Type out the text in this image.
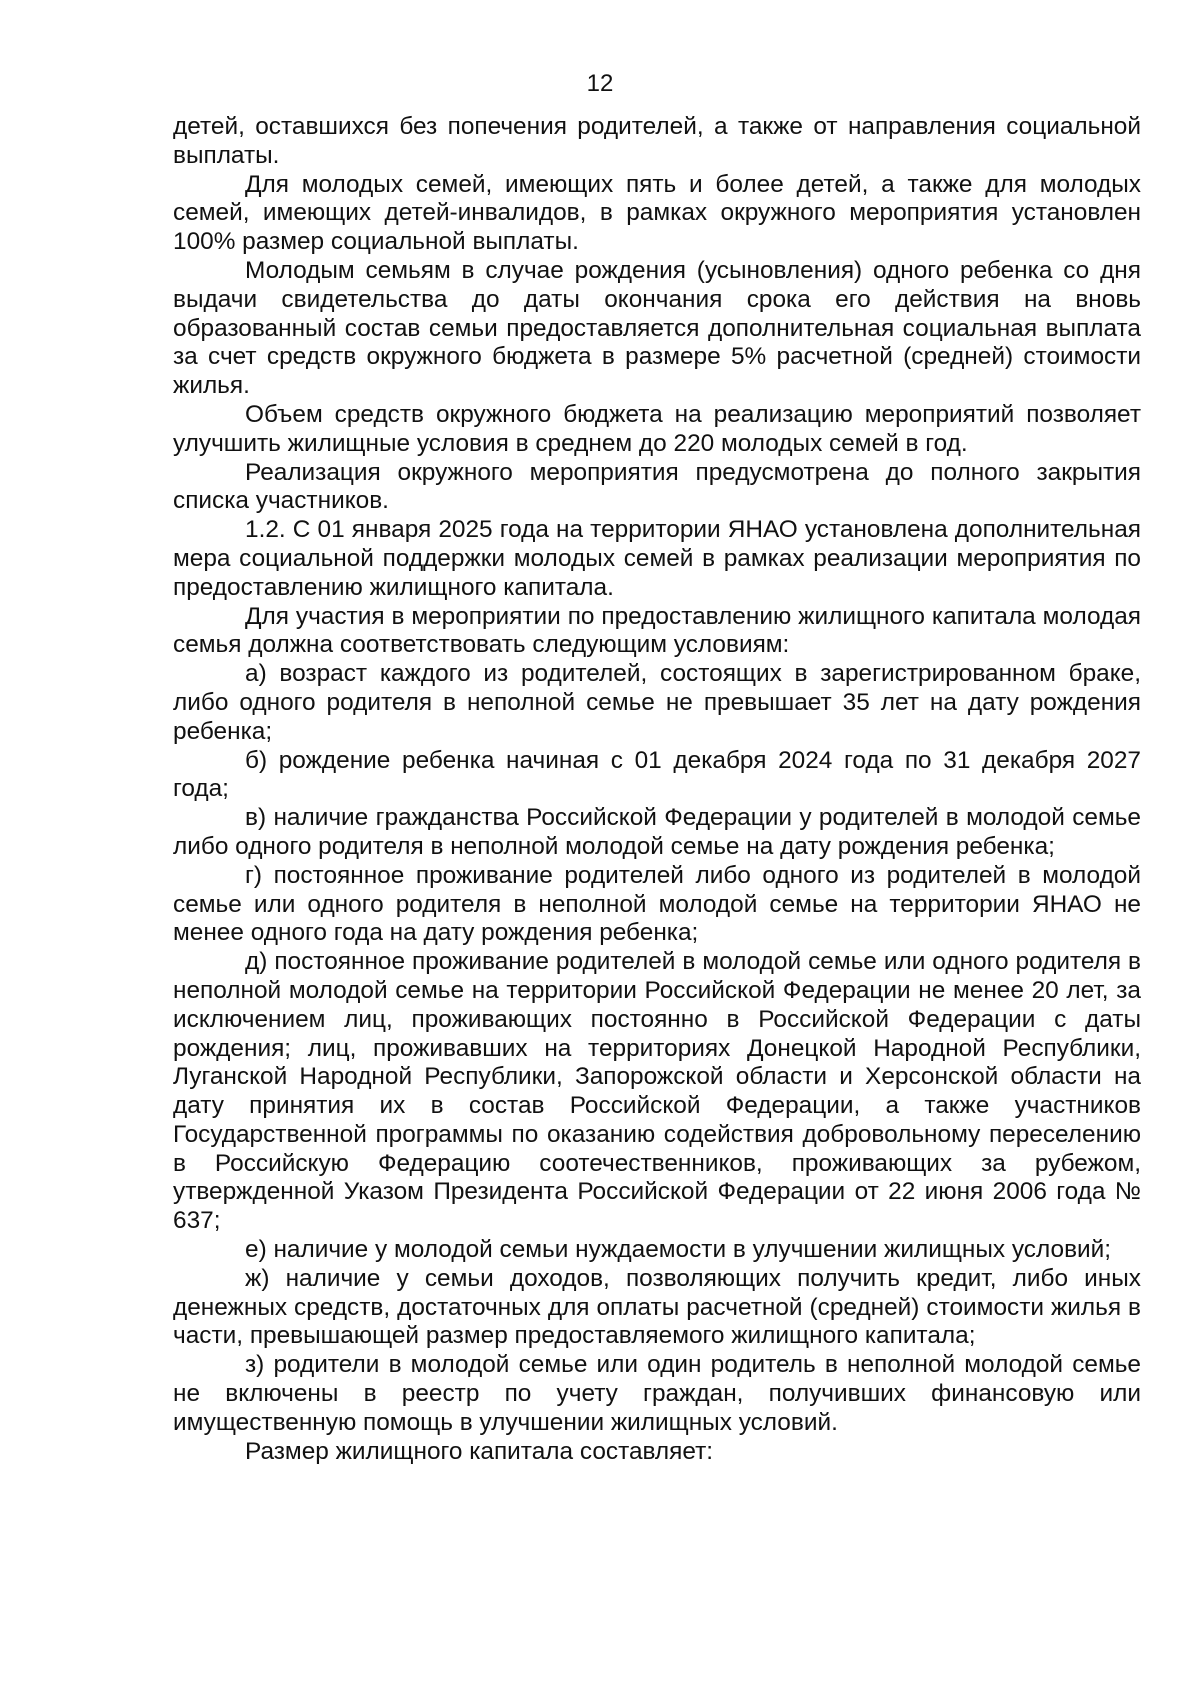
12

детей, оставшихся без попечения родителей, а также от направления социальной выплаты.

Для молодых семей, имеющих пять и более детей, а также для молодых семей, имеющих детей-инвалидов, в рамках окружного мероприятия установлен 100% размер социальной выплаты.

Молодым семьям в случае рождения (усыновления) одного ребенка со дня выдачи свидетельства до даты окончания срока его действия на вновь образованный состав семьи предоставляется дополнительная социальная выплата за счет средств окружного бюджета в размере 5% расчетной (средней) стоимости жилья.

Объем средств окружного бюджета на реализацию мероприятий позволяет улучшить жилищные условия в среднем до 220 молодых семей в год.

Реализация окружного мероприятия предусмотрена до полного закрытия списка участников.

1.2. С 01 января 2025 года на территории ЯНАО установлена дополнительная мера социальной поддержки молодых семей в рамках реализации мероприятия по предоставлению жилищного капитала.

Для участия в мероприятии по предоставлению жилищного капитала молодая семья должна соответствовать следующим условиям:

а) возраст каждого из родителей, состоящих в зарегистрированном браке, либо одного родителя в неполной семье не превышает 35 лет на дату рождения ребенка;

б) рождение ребенка начиная с 01 декабря 2024 года по 31 декабря 2027 года;

в) наличие гражданства Российской Федерации у родителей в молодой семье либо одного родителя в неполной молодой семье на дату рождения ребенка;

г) постоянное проживание родителей либо одного из родителей в молодой семье или одного родителя в неполной молодой семье на территории ЯНАО не менее одного года на дату рождения ребенка;

д) постоянное проживание родителей в молодой семье или одного родителя в неполной молодой семье на территории Российской Федерации не менее 20 лет, за исключением лиц, проживающих постоянно в Российской Федерации с даты рождения; лиц, проживавших на территориях Донецкой Народной Республики, Луганской Народной Республики, Запорожской области и Херсонской области на дату принятия их в состав Российской Федерации, а также участников Государственной программы по оказанию содействия добровольному переселению в Российскую Федерацию соотечественников, проживающих за рубежом, утвержденной Указом Президента Российской Федерации от 22 июня 2006 года № 637;

е) наличие у молодой семьи нуждаемости в улучшении жилищных условий;

ж) наличие у семьи доходов, позволяющих получить кредит, либо иных денежных средств, достаточных для оплаты расчетной (средней) стоимости жилья в части, превышающей размер предоставляемого жилищного капитала;

з) родители в молодой семье или один родитель в неполной молодой семье не включены в реестр по учету граждан, получивших финансовую или имущественную помощь в улучшении жилищных условий.

Размер жилищного капитала составляет:
